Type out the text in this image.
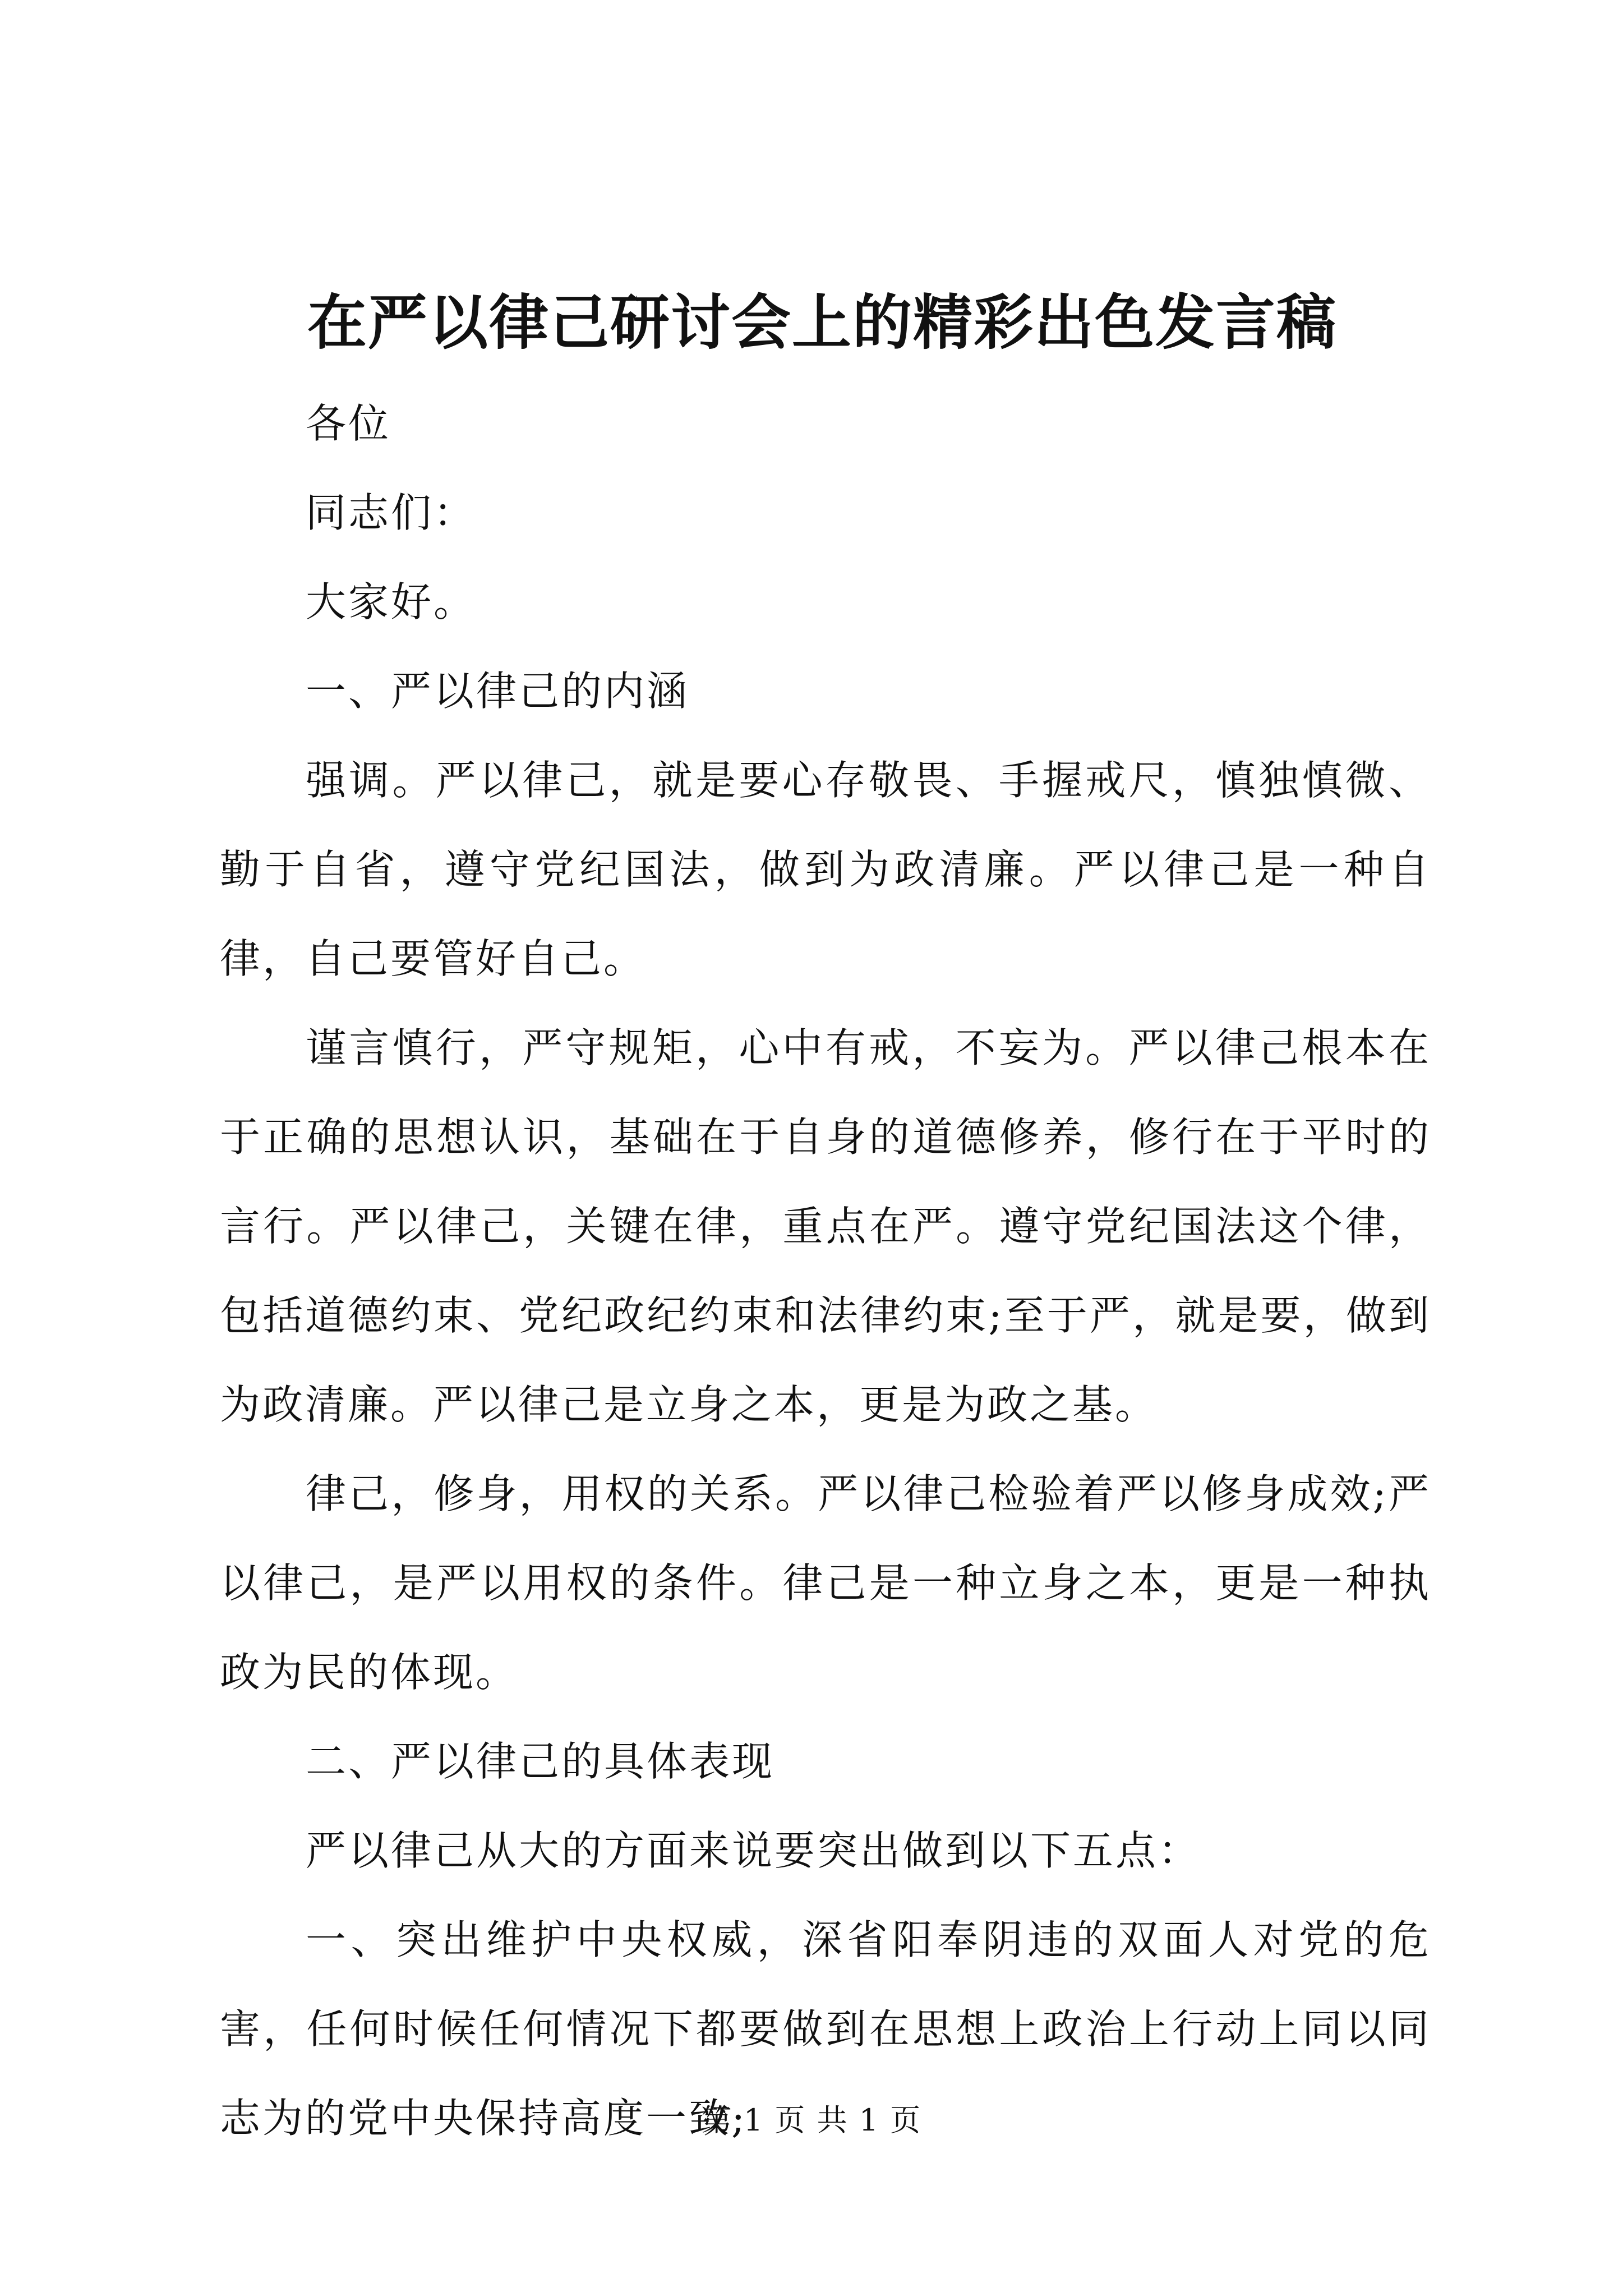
在严以律己研讨会上的精彩出色发言稿

各位

同志们：

大家好。

一、严以律己的内涵

强调。严以律己，就是要心存敬畏、手握戒尺，慎独慎微、勤于自省，遵守党纪国法，做到为政清廉。严以律己是一种自律，自己要管好自己。

谨言慎行，严守规矩，心中有戒，不妄为。严以律己根本在于正确的思想认识，基础在于自身的道德修养，修行在于平时的言行。严以律己，关键在律，重点在严。遵守党纪国法这个律，包括道德约束、党纪政纪约束和法律约束;至于严，就是要，做到为政清廉。严以律己是立身之本，更是为政之基。

律己，修身，用权的关系。严以律己检验着严以修身成效;严以律己，是严以用权的条件。律己是一种立身之本，更是一种执政为民的体现。

二、严以律己的具体表现

严以律己从大的方面来说要突出做到以下五点：

一、突出维护中央权威，深省阳奉阴违的双面人对党的危害，任何时候任何情况下都要做到在思想上政治上行动上同以同志为的党中央保持高度一致;

第 1 页 共 1 页
